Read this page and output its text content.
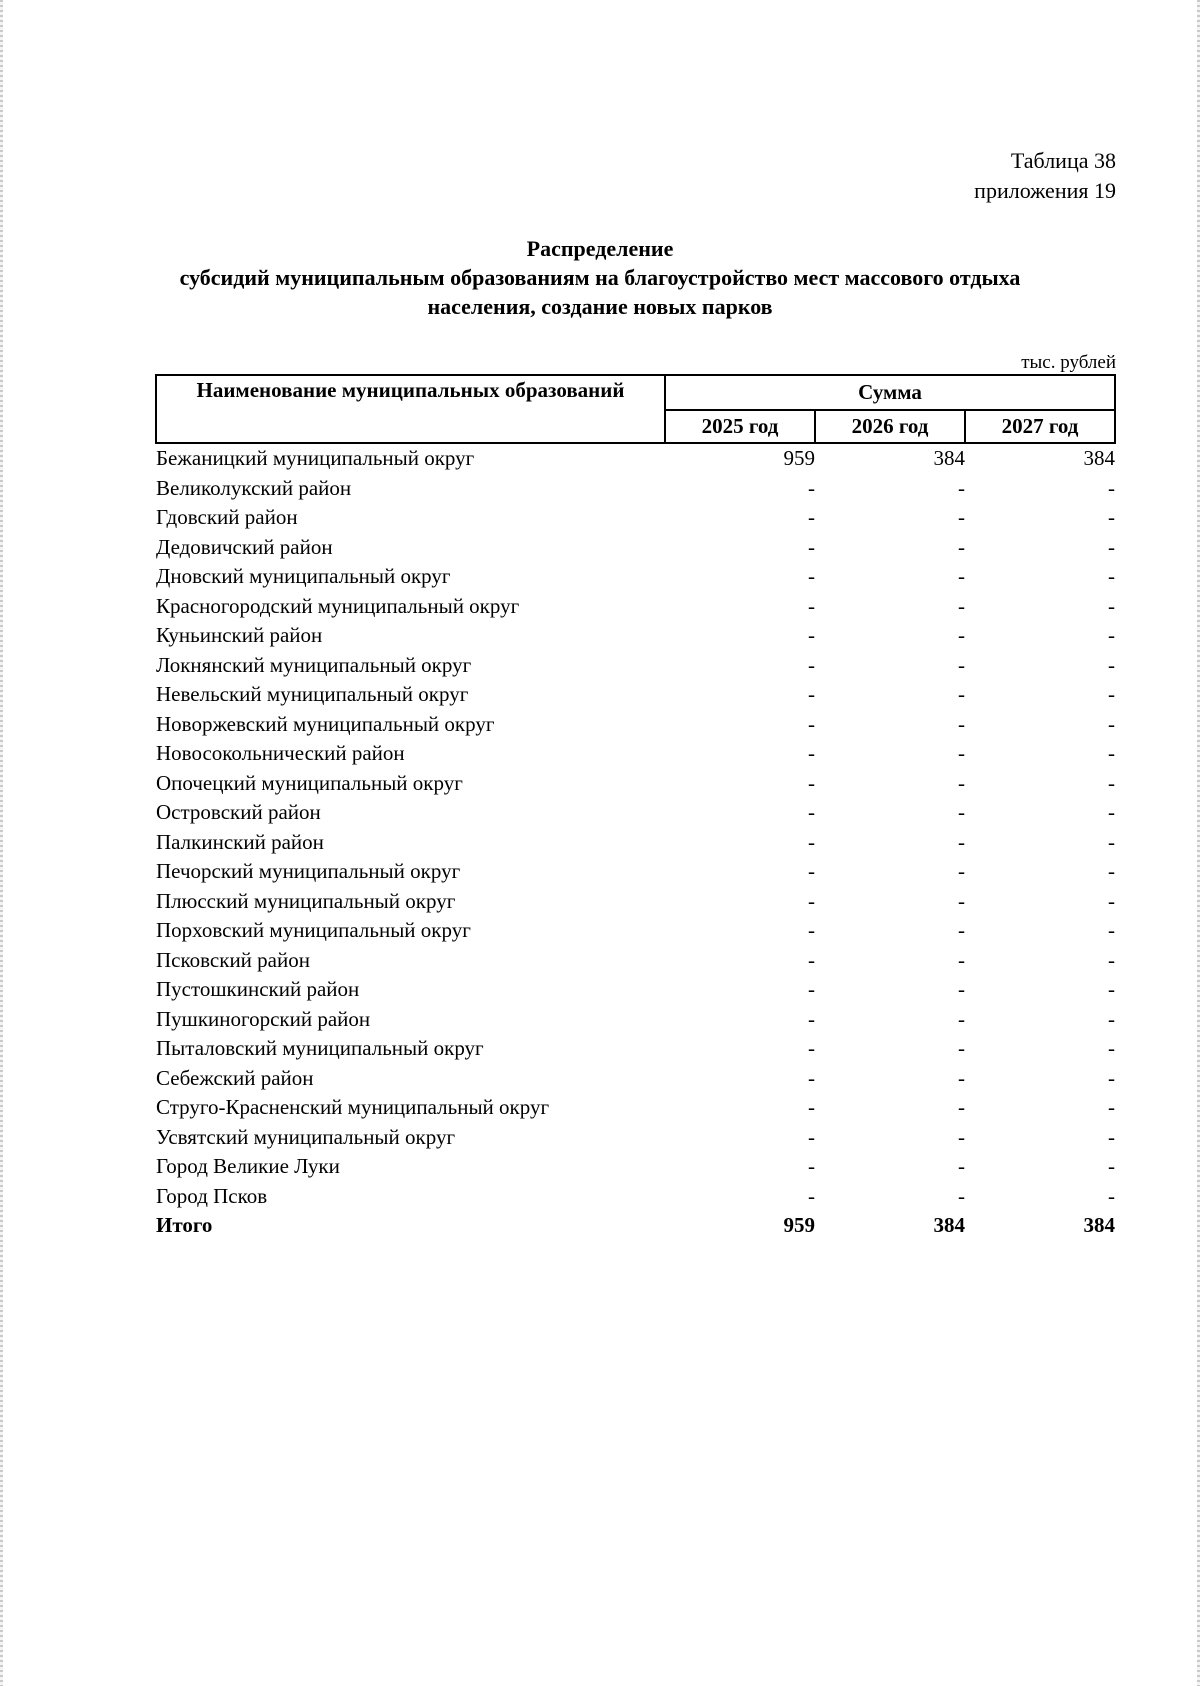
Таблица 38
приложения 19
Распределение
субсидий муниципальным образованиям на благоустройство мест массового отдыха
населения, создание новых парков
тыс. рублей
Наименование муниципальных образований	Сумма		
	2025 год	2026 год	2027 год
Бежаницкий муниципальный округ	959	384	384
Великолукский район	-	-	-
Гдовский район	-	-	-
Дедовичский район	-	-	-
Дновский муниципальный округ	-	-	-
Красногородский муниципальный округ	-	-	-
Куньинский район	-	-	-
Локнянский муниципальный округ	-	-	-
Невельский муниципальный округ	-	-	-
Новоржевский муниципальный округ	-	-	-
Новосокольнический район	-	-	-
Опочецкий муниципальный округ	-	-	-
Островский район	-	-	-
Палкинский район	-	-	-
Печорский муниципальный округ	-	-	-
Плюсский муниципальный округ	-	-	-
Порховский муниципальный округ	-	-	-
Псковский район	-	-	-
Пустошкинский район	-	-	-
Пушкиногорский район	-	-	-
Пыталовский муниципальный округ	-	-	-
Себежский район	-	-	-
Струго-Красненский муниципальный округ	-	-	-
Усвятский муниципальный округ	-	-	-
Город Великие Луки	-	-	-
Город Псков	-	-	-
Итого	959	384	384
